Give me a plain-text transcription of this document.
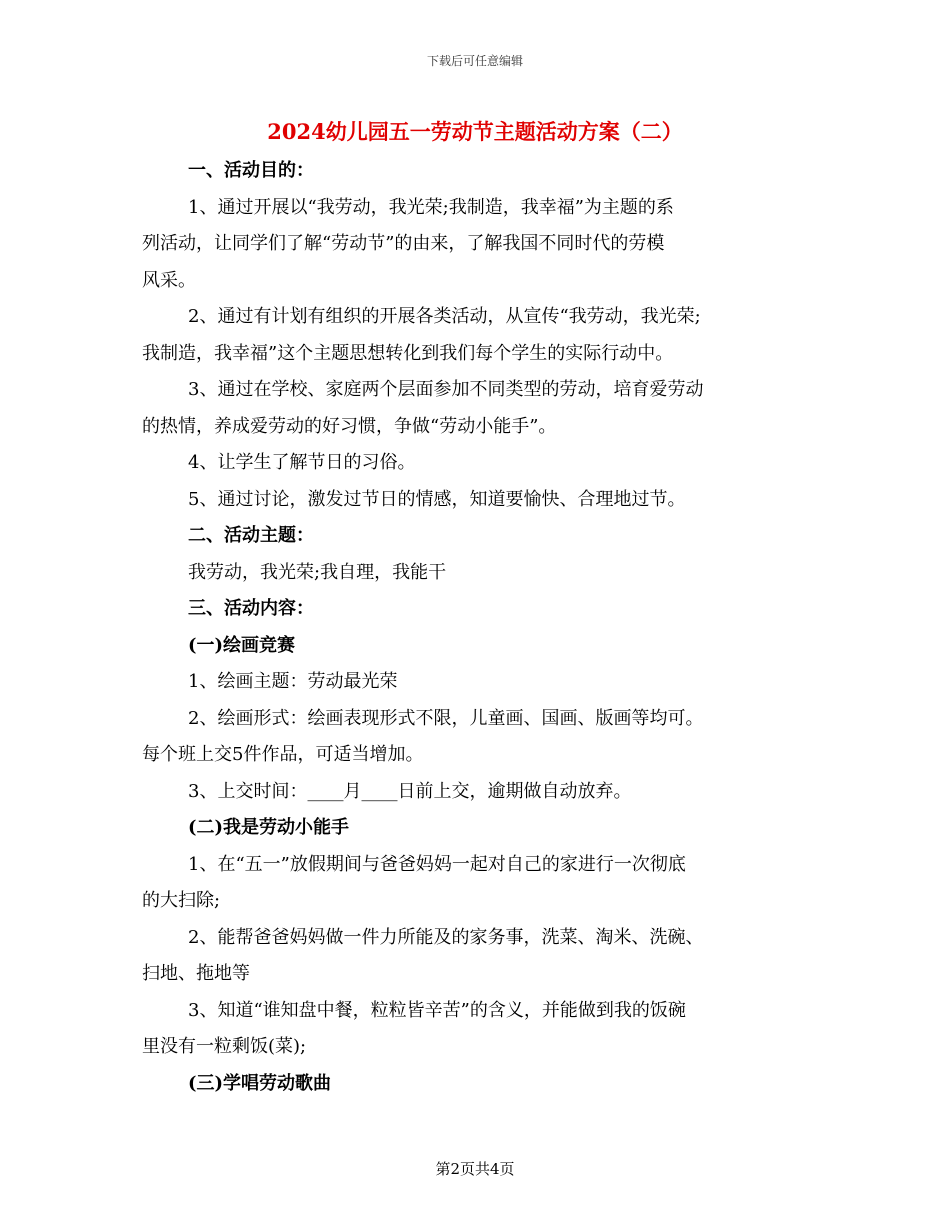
下载后可任意编辑
2024幼儿园五一劳动节主题活动方案（二）
一、活动目的：
1、通过开展以“我劳动，我光荣;我制造，我幸福”为主题的系
列活动，让同学们了解“劳动节”的由来，了解我国不同时代的劳模
风采。
2、通过有计划有组织的开展各类活动，从宣传“我劳动，我光荣;
我制造，我幸福”这个主题思想转化到我们每个学生的实际行动中。
3、通过在学校、家庭两个层面参加不同类型的劳动，培育爱劳动
的热情，养成爱劳动的好习惯，争做“劳动小能手”。
4、让学生了解节日的习俗。
5、通过讨论，激发过节日的情感，知道要愉快、合理地过节。
二、活动主题：
我劳动，我光荣;我自理，我能干
三、活动内容：
(一)绘画竞赛
1、绘画主题：劳动最光荣
2、绘画形式：绘画表现形式不限，儿童画、国画、版画等均可。
每个班上交5件作品，可适当增加。
3、上交时间：____月____日前上交，逾期做自动放弃。
(二)我是劳动小能手
1、在“五一”放假期间与爸爸妈妈一起对自己的家进行一次彻底
的大扫除;
2、能帮爸爸妈妈做一件力所能及的家务事，洗菜、淘米、洗碗、
扫地、拖地等
3、知道“谁知盘中餐，粒粒皆辛苦”的含义，并能做到我的饭碗
里没有一粒剩饭(菜);
(三)学唱劳动歌曲
第2页共4页
